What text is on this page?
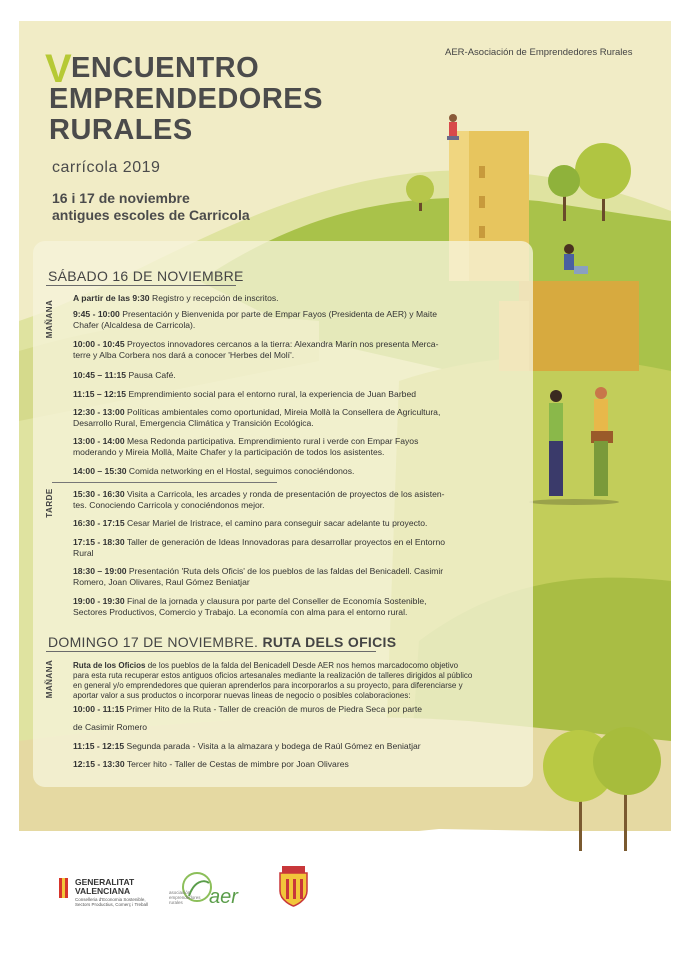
AER-Asociación de Emprendedores Rurales
V ENCUENTRO
EMPRENDEDORES
RURALES
carrícola 2019
16 i 17 de noviembre
antigues escoles de Carricola
SÁBADO 16 DE NOVIEMBRE
MAÑANA
TARDE
A partir de las 9:30 Registro y recepción de inscritos.
9:45 - 10:00 Presentación y Bienvenida por parte de Empar Fayos (Presidenta de AER) y Maite
Chafer (Alcaldesa de Carricola).
10:00 - 10:45 Proyectos innovadores cercanos a la tierra: Alexandra Marín nos presenta Merca-
terre y Alba Corbera nos dará a conocer 'Herbes del Molí'.
10:45 – 11:15 Pausa Café.
11:15 – 12:15 Emprendimiento social para el entorno rural, la experiencia de Juan Barbed
12:30 - 13:00 Políticas ambientales como oportunidad, Mireia Mollà la Consellera de Agricultura,
Desarrollo Rural, Emergencia Climática y Transición Ecológica.
13:00 - 14:00 Mesa Redonda participativa. Emprendimiento rural i verde con Empar Fayos
moderando y Mireia Mollà, Maite Chafer y la participación de todos los asistentes.
14:00 – 15:30 Comida networking en el Hostal, seguimos conociéndonos.
15:30 - 16:30 Visita a Carricola, les arcades y ronda de presentación de proyectos de los asisten-
tes. Conociendo Carricola y conociéndonos mejor.
16:30 - 17:15 Cesar Mariel de Iristrace, el camino para conseguir sacar adelante tu proyecto.
17:15 - 18:30 Taller de generación de Ideas Innovadoras para desarrollar proyectos en el Entorno
Rural
18:30 – 19:00 Presentación 'Ruta dels Oficis' de los pueblos de las faldas del Benicadell. Casimir
Romero, Joan Olivares, Raul Gómez Beniatjar
19:00 - 19:30 Final de la jornada y clausura por parte del Conseller de Economía Sostenible,
Sectores Productivos, Comercio y Trabajo. La economía con alma para el entorno rural.
DOMINGO 17 DE NOVIEMBRE. RUTA DELS OFICIS
MAÑANA	Ruta de los Oficios de los pueblos de la falda del Benicadell Desde AER nos hemos marcadocomo objetivo
para esta ruta recuperar estos antiguos oficios artesanales mediante la realización de talleres dirigidos al público
en general y/o emprendedores que quieran aprenderlos para incorporarlos a su proyecto, para diferenciarse y
aportar valor a sus productos o incorporar nuevas lineas de negocio o posibles colaboraciones:
10:00 - 11:15 Primer Hito de la Ruta - Taller de creación de muros de Piedra Seca por parte
de Casimir Romero
11:15 - 12:15 Segunda parada - Visita a la almazara y bodega de Raúl Gómez en Beniatjar
12:15 - 13:30 Tercer hito - Taller de Cestas de mimbre por Joan Olivares
GENERALITAT
VALENCIANA
Conselleria d'Economia Sostenible, Sectors Productius, Comerç i Treball
asociación emprendedores rurales	aer
